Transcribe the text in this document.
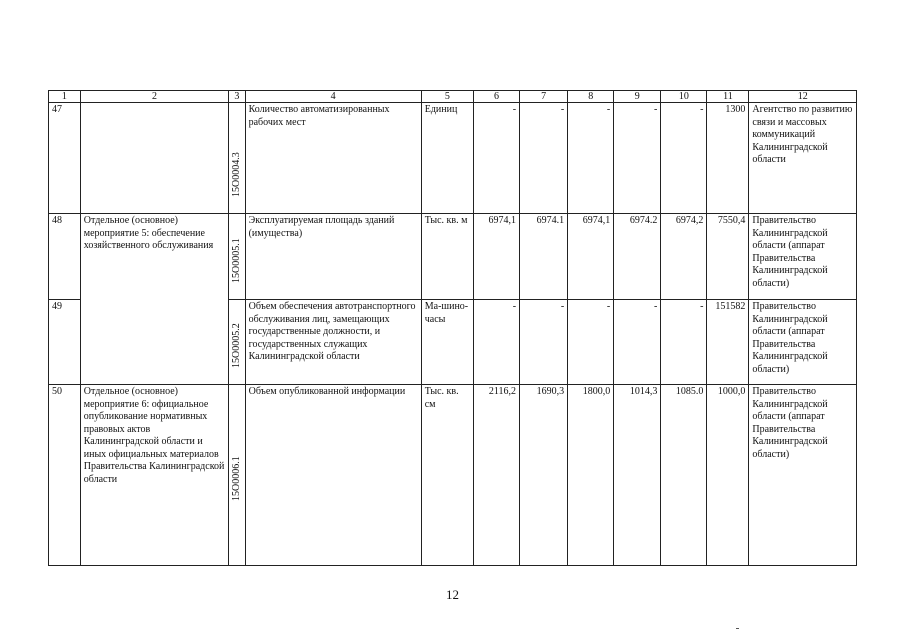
1	2	3	4	5	6	7	8	9	10	11	12
47		15О0004.3	Количество автоматизированных рабочих мест	Единиц	-	-	-	-	-	1300	Агентство по развитию связи и массовых коммуникаций Калининградской области
48	Отдельное (основное) мероприятие 5: обеспечение хозяйственного обслуживания	15О0005.1	Эксплуатируемая площадь зданий (имущества)	Тыс. кв. м	6974,1	6974.1	6974,1	6974.2	6974,2	7550,4	Правительство Калининградской области (аппарат Правительства Калининградской области)
49		15О0005.2	Объем обеспечения автотранспортного обслуживания лиц, замещающих государственные должности, и государственных служащих Калининградской области	Ма-шино-часы	-	-	-	-	-	151582	Правительство Калининградской области (аппарат Правительства Калининградской области)
50	Отдельное (основное) мероприятие 6: официальное опубликование нормативных правовых актов Калининградской области и иных официальных материалов Правительства Калининградской области	15О0006.1	Объем опубликованной информации	Тыс. кв. см	2116,2	1690,3	1800,0	1014,3	1085.0	1000,0	Правительство Калининградской области (аппарат Правительства Калининградской области)
12
